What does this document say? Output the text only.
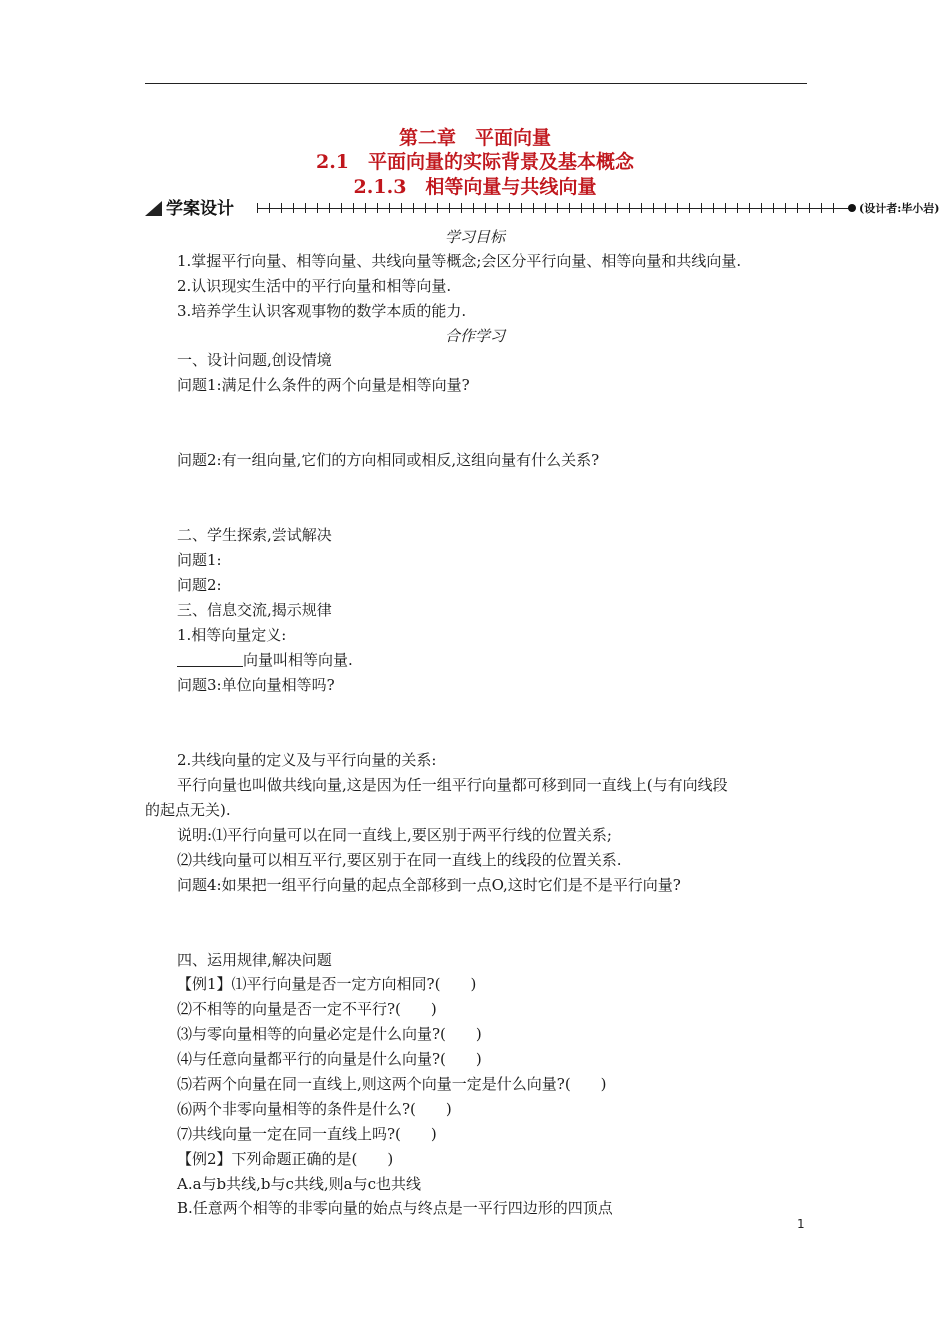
第二章　平面向量
2.1　平面向量的实际背景及基本概念
2.1.3　相等向量与共线向量
学案设计	(设计者:毕小岩)
学习目标
1.掌握平行向量、相等向量、共线向量等概念;会区分平行向量、相等向量和共线向量.
2.认识现实生活中的平行向量和相等向量.
3.培养学生认识客观事物的数学本质的能力.
合作学习
一、设计问题,创设情境
问题1:满足什么条件的两个向量是相等向量?
问题2:有一组向量,它们的方向相同或相反,这组向量有什么关系?
二、学生探索,尝试解决
问题1:
问题2:
三、信息交流,揭示规律
1.相等向量定义:
向量叫相等向量.
问题3:单位向量相等吗?
2.共线向量的定义及与平行向量的关系:
平行向量也叫做共线向量,这是因为任一组平行向量都可移到同一直线上(与有向线段
的起点无关).
说明:⑴平行向量可以在同一直线上,要区别于两平行线的位置关系;
⑵共线向量可以相互平行,要区别于在同一直线上的线段的位置关系.
问题4:如果把一组平行向量的起点全部移到一点O,这时它们是不是平行向量?
四、运用规律,解决问题
【例1】⑴平行向量是否一定方向相同?(　　)
⑵不相等的向量是否一定不平行?(　　)
⑶与零向量相等的向量必定是什么向量?(　　)
⑷与任意向量都平行的向量是什么向量?(　　)
⑸若两个向量在同一直线上,则这两个向量一定是什么向量?(　　)
⑹两个非零向量相等的条件是什么?(　　)
⑺共线向量一定在同一直线上吗?(　　)
【例2】下列命题正确的是(　　)
A.a与b共线,b与c共线,则a与c也共线
B.任意两个相等的非零向量的始点与终点是一平行四边形的四顶点
1
